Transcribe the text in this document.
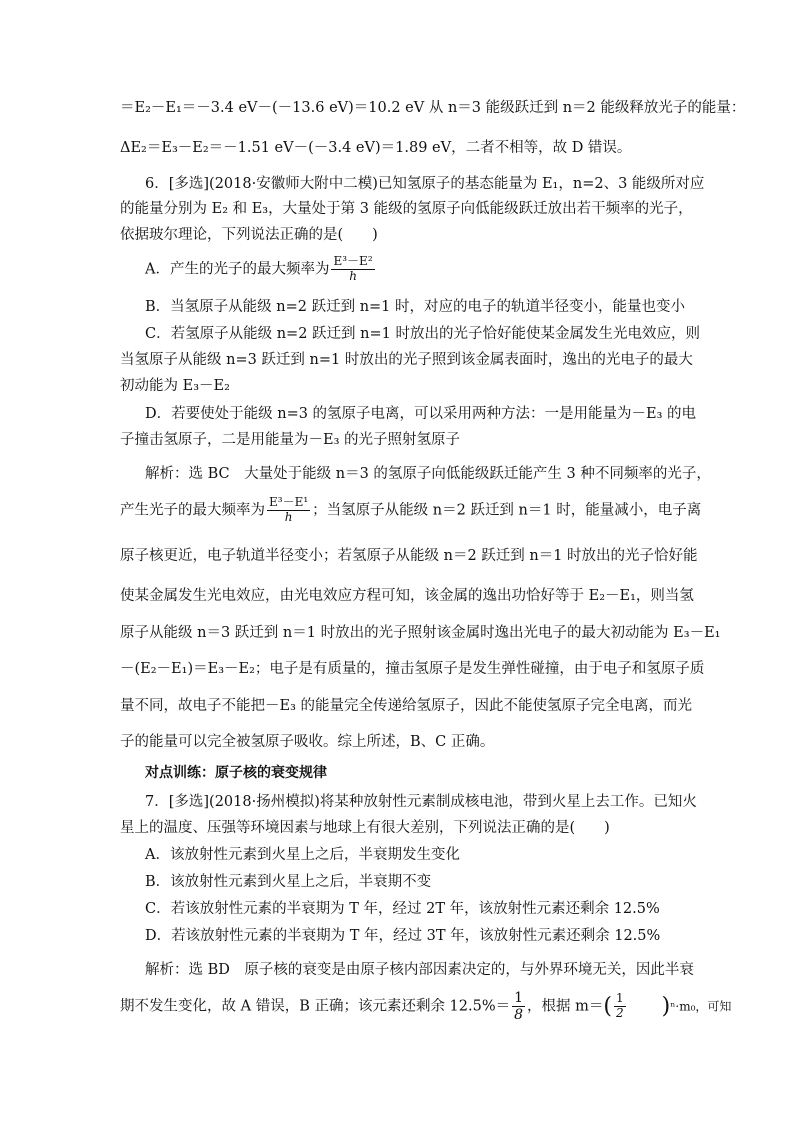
＝E₂－E₁＝－3.4 eV－(－13.6 eV)＝10.2 eV 从 n＝3 能级跃迁到 n＝2 能级释放光子的能量：
ΔE₂＝E₃－E₂＝－1.51 eV－(－3.4 eV)＝1.89 eV，二者不相等，故 D 错误。
6．[多选](2018·安徽师大附中二模)已知氢原子的基态能量为 E₁，n=2、3 能级所对应
的能量分别为 E₂ 和 E₃，大量处于第 3 能级的氢原子向低能级跃迁放出若干频率的光子，
依据玻尔理论，下列说法正确的是(　　)
A．产生的光子的最大频率为 $\frac{\text{E³－E²}}{h}$
B．当氢原子从能级 n=2 跃迁到 n=1 时，对应的电子的轨道半径变小，能量也变小
C．若氢原子从能级 n=2 跃迁到 n=1 时放出的光子恰好能使某金属发生光电效应，则
当氢原子从能级 n=3 跃迁到 n=1 时放出的光子照到该金属表面时，逸出的光电子的最大
初动能为 E₃－E₂
D．若要使处于能级 n=3 的氢原子电离，可以采用两种方法：一是用能量为－E₃ 的电
子撞击氢原子，二是用能量为－E₃ 的光子照射氢原子
解析：选 BC　大量处于能级 n＝3 的氢原子向低能级跃迁能产生 3 种不同频率的光子，
产生光子的最大频率为 $\frac{\text{E³－E¹}}{h}$ ；当氢原子从能级 n＝2 跃迁到 n＝1 时，能量减小，电子离
原子核更近，电子轨道半径变小；若氢原子从能级 n＝2 跃迁到 n＝1 时放出的光子恰好能
使某金属发生光电效应，由光电效应方程可知，该金属的逸出功恰好等于 E₂－E₁，则当氢
原子从能级 n＝3 跃迁到 n＝1 时放出的光子照射该金属时逸出光电子的最大初动能为 E₃－E₁
－(E₂－E₁)＝E₃－E₂；电子是有质量的，撞击氢原子是发生弹性碰撞，由于电子和氢原子质
量不同，故电子不能把－E₃ 的能量完全传递给氢原子，因此不能使氢原子完全电离，而光
子的能量可以完全被氢原子吸收。综上所述，B、C 正确。
对点训练：原子核的衰变规律
7．[多选](2018·扬州模拟)将某种放射性元素制成核电池，带到火星上去工作。已知火
星上的温度、压强等环境因素与地球上有很大差别，下列说法正确的是(　　)
A．该放射性元素到火星上之后，半衰期发生变化
B．该放射性元素到火星上之后，半衰期不变
C．若该放射性元素的半衰期为 T 年，经过 2T 年，该放射性元素还剩余 12.5%
D．若该放射性元素的半衰期为 T 年，经过 3T 年，该放射性元素还剩余 12.5%
解析：选 BD　原子核的衰变是由原子核内部因素决定的，与外界环境无关，因此半衰
期不发生变化，故 A 错误，B 正确；该元素还剩余 $12.5\%= \frac{1}{8}$ ，根据 $m=( \frac{1}{2} )^n\cdot m_0$，可知
